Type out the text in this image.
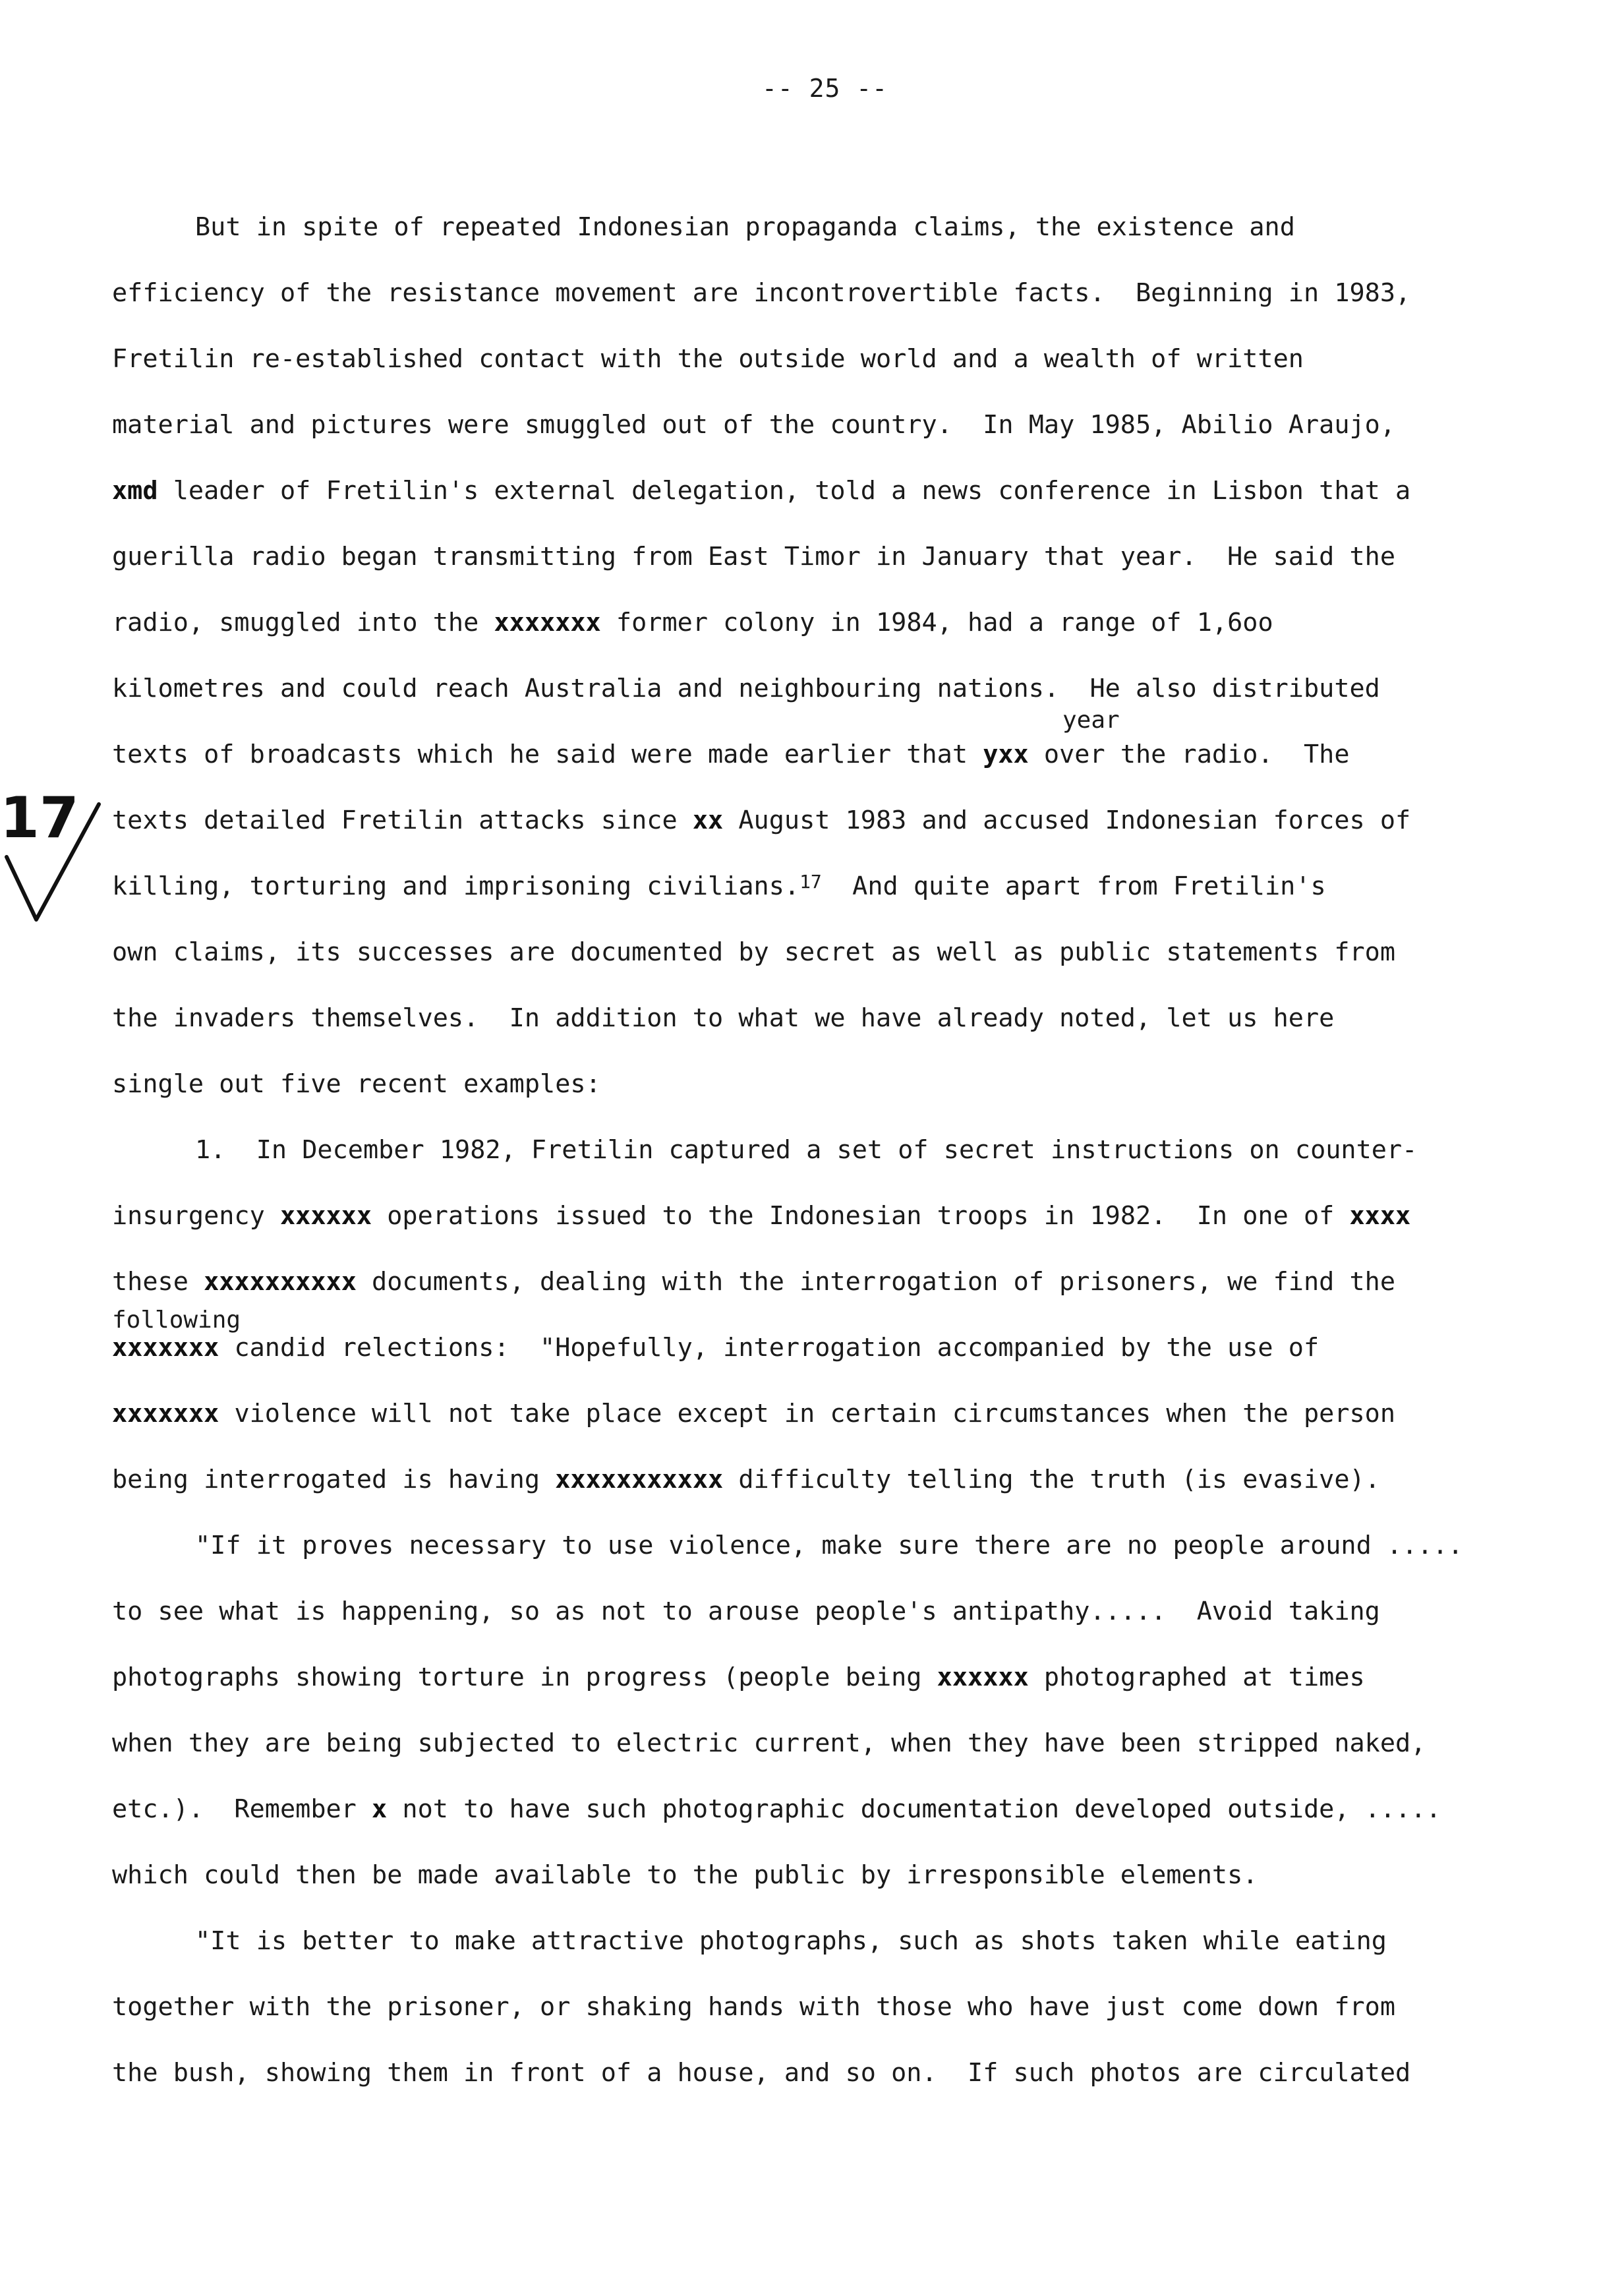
-- 25 --
17
But in spite of repeated Indonesian propaganda claims, the existence and
efficiency of the resistance movement are incontrovertible facts.  Beginning in 1983,
Fretilin re-established contact with the outside world and a wealth of written
material and pictures were smuggled out of the country.  In May 1985, Abilio Araujo,
xmd leader of Fretilin's external delegation, told a news conference in Lisbon that a
guerilla radio began transmitting from East Timor in January that year.  He said the
radio, smuggled into the xxxxxxx former colony in 1984, had a range of 1,6oo
kilometres and could reach Australia and neighbouring nations.  He also distributed
year
texts of broadcasts which he said were made earlier that yxx over the radio.  The
texts detailed Fretilin attacks since xx August 1983 and accused Indonesian forces of
killing, torturing and imprisoning civilians.$^{17}$  And quite apart from Fretilin's
own claims, its successes are documented by secret as well as public statements from
the invaders themselves.  In addition to what we have already noted, let us here
single out five recent examples:
1.  In December 1982, Fretilin captured a set of secret instructions on counter-
insurgency xxxxxx operations issued to the Indonesian troops in 1982.  In one of xxxx
these xxxxxxxxxx documents, dealing with the interrogation of prisoners, we find the
following
xxxxxxx candid relections:  "Hopefully, interrogation accompanied by the use of
xxxxxxx violence will not take place except in certain circumstances when the person
being interrogated is having xxxxxxxxxxx difficulty telling the truth (is evasive).
"If it proves necessary to use violence, make sure there are no people around .....
to see what is happening, so as not to arouse people's antipathy.....  Avoid taking
photographs showing torture in progress (people being xxxxxx photographed at times
when they are being subjected to electric current, when they have been stripped naked,
etc.).  Remember x not to have such photographic documentation developed outside, .....
which could then be made available to the public by irresponsible elements.
"It is better to make attractive photographs, such as shots taken while eating
together with the prisoner, or shaking hands with those who have just come down from
the bush, showing them in front of a house, and so on.  If such photos are circulated
